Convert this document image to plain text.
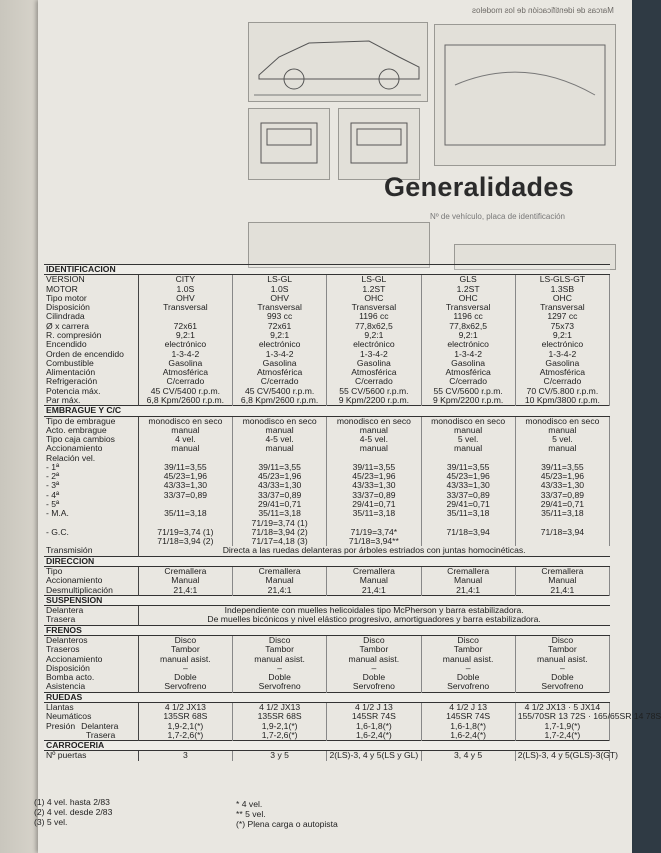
Marcas de identificación de los modelos
Generalidades
Nº de vehículo, placa de identificación
IDENTIFICACION					
VERSION	CITY	LS-GL	LS-GL	GLS	LS-GLS-GT
MOTOR	1.0S	1.0S	1.2ST	1.2ST	1.3SB
Tipo motor	OHV	OHV	OHC	OHC	OHC
Disposición	Transversal	Transversal	Transversal	Transversal	Transversal
Cilindrada		993 cc	1196 cc	1196 cc	1297 cc
Ø x carrera	72x61	72x61	77,8x62,5	77,8x62,5	75x73
R. compresión	9,2:1	9,2:1	9,2:1	9,2:1	9,2:1
Encendido	electrónico	electrónico	electrónico	electrónico	electrónico
Orden de encendido	1-3-4-2	1-3-4-2	1-3-4-2	1-3-4-2	1-3-4-2
Combustible	Gasolina	Gasolina	Gasolina	Gasolina	Gasolina
Alimentación	Atmosférica	Atmosférica	Atmosférica	Atmosférica	Atmosférica
Refrigeración	C/cerrado	C/cerrado	C/cerrado	C/cerrado	C/cerrado
Potencia máx.	45 CV/5400 r.p.m.	45 CV/5400 r.p.m.	55 CV/5600 r.p.m.	55 CV/5600 r.p.m.	70 CV/5.800 r.p.m.
Par máx.	6,8 Kpm/2600 r.p.m.	6,8 Kpm/2600 r.p.m.	9 Kpm/2200 r.p.m.	9 Kpm/2200 r.p.m.	10 Kpm/3800 r.p.m.
EMBRAGUE Y C/C					
Tipo de embrague	monodisco en seco	monodisco en seco	monodisco en seco	monodisco en seco	monodisco en seco
Acto. embrague	manual	manual	manual	manual	manual
Tipo caja cambios	4 vel.	4-5 vel.	4-5 vel.	5 vel.	5 vel.
Accionamiento	manual	manual	manual	manual	manual
Relación vel.					
- 1ª	39/11=3,55	39/11=3,55	39/11=3,55	39/11=3,55	39/11=3,55
- 2ª	45/23=1,96	45/23=1,96	45/23=1,96	45/23=1,96	45/23=1,96
- 3ª	43/33=1,30	43/33=1,30	43/33=1,30	43/33=1,30	43/33=1,30
- 4ª	33/37=0,89	33/37=0,89	33/37=0,89	33/37=0,89	33/37=0,89
- 5ª		29/41=0,71	29/41=0,71	29/41=0,71	29/41=0,71
- M.A.	35/11=3,18	35/11=3,18	35/11=3,18	35/11=3,18	35/11=3,18
		71/19=3,74 (1)			
- G.C.	71/19=3,74 (1)	71/18=3,94 (2)	71/19=3,74*	71/18=3,94	71/18=3,94
	71/18=3,94 (2)	71/17=4,18 (3)	71/18=3,94**		
Transmisión	Directa a las ruedas delanteras por árboles estriados con juntas homocinéticas.				
DIRECCION					
Tipo	Cremallera	Cremallera	Cremallera	Cremallera	Cremallera
Accionamiento	Manual	Manual	Manual	Manual	Manual
Desmultiplicación	21,4:1	21,4:1	21,4:1	21,4:1	21,4:1
SUSPENSION					
Delantera	Independiente con muelles helicoidales tipo McPherson y barra estabilizadora.				
Trasera	De muelles bicónicos y nivel elástico progresivo, amortiguadores y barra estabilizadora.				
FRENOS					
Delanteros	Disco	Disco	Disco	Disco	Disco
Traseros	Tambor	Tambor	Tambor	Tambor	Tambor
Accionamiento	manual asist.	manual asist.	manual asist.	manual asist.	manual asist.
Disposición	–	–	–	–	–
Bomba acto.	Doble	Doble	Doble	Doble	Doble
Asistencia	Servofreno	Servofreno	Servofreno	Servofreno	Servofreno
RUEDAS					
Llantas	4 1/2 JX13	4 1/2 JX13	4 1/2 J 13	4 1/2 J 13	4 1/2 JX13 · 5 JX14
Neumáticos	135SR 68S	135SR 68S	145SR 74S	145SR 74S	155/70SR 13 72S · 165/65SR 14 78S
Presión Delantera	1,9-2,1(*)	1,9-2,1(*)	1,6-1,8(*)	1,6-1,8(*)	1,7-1,9(*)
Trasera	1,7-2,6(*)	1,7-2,6(*)	1,6-2,4(*)	1,6-2,4(*)	1,7-2,4(*)
CARROCERIA					
Nº puertas	3	3 y 5	2(LS)-3, 4 y 5(LS y GL)	3, 4 y 5	2(LS)-3, 4 y 5(GLS)-3(GT)
(1) 4 vel. hasta 2/83
(2) 4 vel. desde 2/83
(3) 5 vel.
* 4 vel.
** 5 vel.
(*) Plena carga o autopista
